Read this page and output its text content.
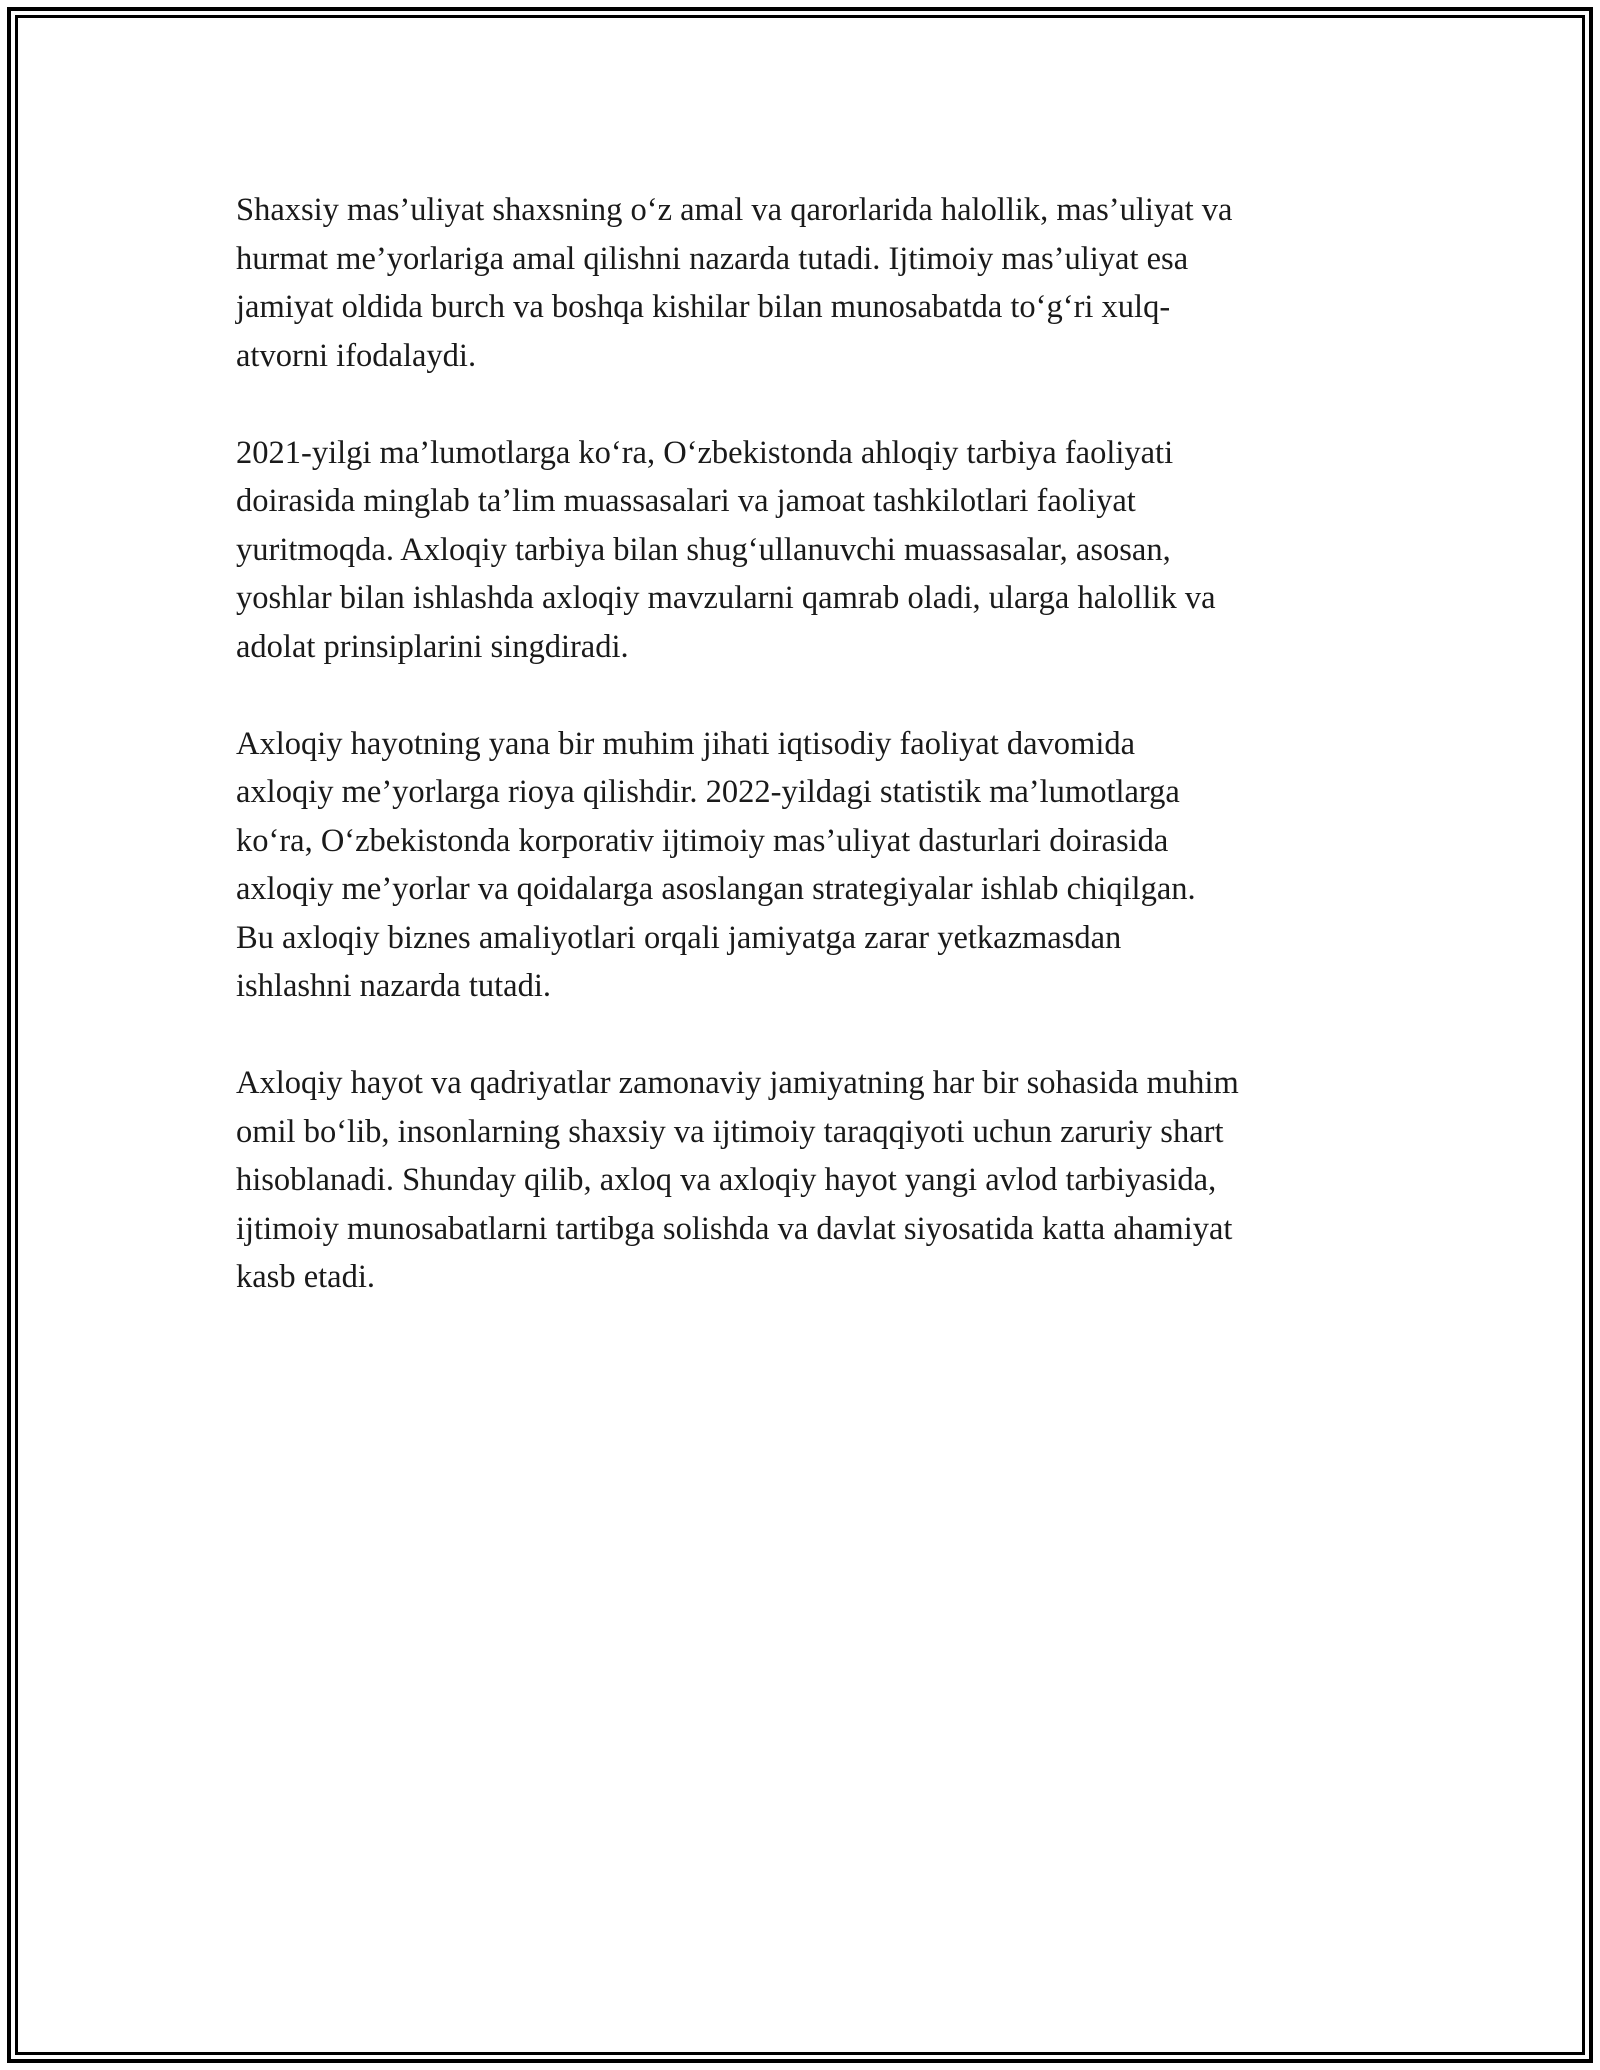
Shaxsiy mas’uliyat shaxsning o‘z amal va qarorlarida halollik, mas’uliyat va
hurmat me’yorlariga amal qilishni nazarda tutadi. Ijtimoiy mas’uliyat esa
jamiyat oldida burch va boshqa kishilar bilan munosabatda to‘g‘ri xulq-
atvorni ifodalaydi.

2021-yilgi ma’lumotlarga ko‘ra, O‘zbekistonda ahloqiy tarbiya faoliyati
doirasida minglab ta’lim muassasalari va jamoat tashkilotlari faoliyat
yuritmoqda. Axloqiy tarbiya bilan shug‘ullanuvchi muassasalar, asosan,
yoshlar bilan ishlashda axloqiy mavzularni qamrab oladi, ularga halollik va
adolat prinsiplarini singdiradi.

Axloqiy hayotning yana bir muhim jihati iqtisodiy faoliyat davomida
axloqiy me’yorlarga rioya qilishdir. 2022-yildagi statistik ma’lumotlarga
ko‘ra, O‘zbekistonda korporativ ijtimoiy mas’uliyat dasturlari doirasida
axloqiy me’yorlar va qoidalarga asoslangan strategiyalar ishlab chiqilgan.
Bu axloqiy biznes amaliyotlari orqali jamiyatga zarar yetkazmasdan
ishlashni nazarda tutadi.

Axloqiy hayot va qadriyatlar zamonaviy jamiyatning har bir sohasida muhim
omil bo‘lib, insonlarning shaxsiy va ijtimoiy taraqqiyoti uchun zaruriy shart
hisoblanadi. Shunday qilib, axloq va axloqiy hayot yangi avlod tarbiyasida,
ijtimoiy munosabatlarni tartibga solishda va davlat siyosatida katta ahamiyat
kasb etadi.
